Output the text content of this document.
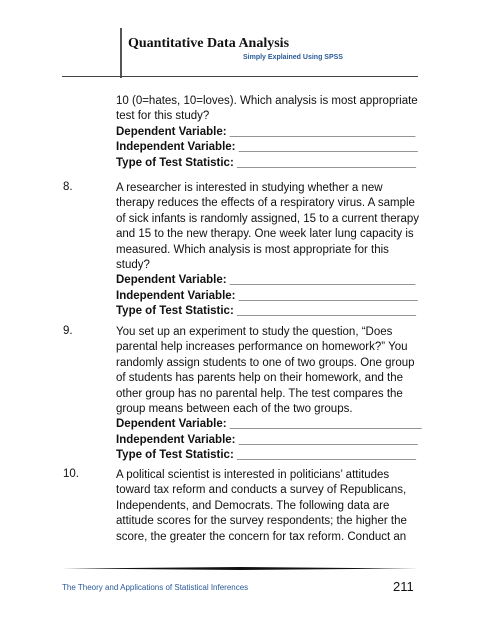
Quantitative Data Analysis
Simply Explained Using SPSS
10 (0=hates, 10=loves). Which analysis is most appropriate
test for this study?
Dependent Variable: _____________________________
Independent Variable: ____________________________
Type of Test Statistic: ____________________________
8.	A researcher is interested in studying whether a new
therapy reduces the effects of a respiratory virus. A sample
of sick infants is randomly assigned, 15 to a current therapy
and 15 to the new therapy. One week later lung capacity is
measured. Which analysis is most appropriate for this
study?
Dependent Variable: _____________________________
Independent Variable: ____________________________
Type of Test Statistic: ____________________________
9.	You set up an experiment to study the question, “Does
parental help increases performance on homework?” You
randomly assign students to one of two groups. One group
of students has parents help on their homework, and the
other group has no parental help. The test compares the
group means between each of the two groups.
Dependent Variable: ______________________________
Independent Variable: ____________________________
Type of Test Statistic: ____________________________
10.	A political scientist is interested in politicians’ attitudes
toward tax reform and conducts a survey of Republicans,
Independents, and Democrats. The following data are
attitude scores for the survey respondents; the higher the
score, the greater the concern for tax reform. Conduct an
The Theory and Applications of Statistical Inferences	211
